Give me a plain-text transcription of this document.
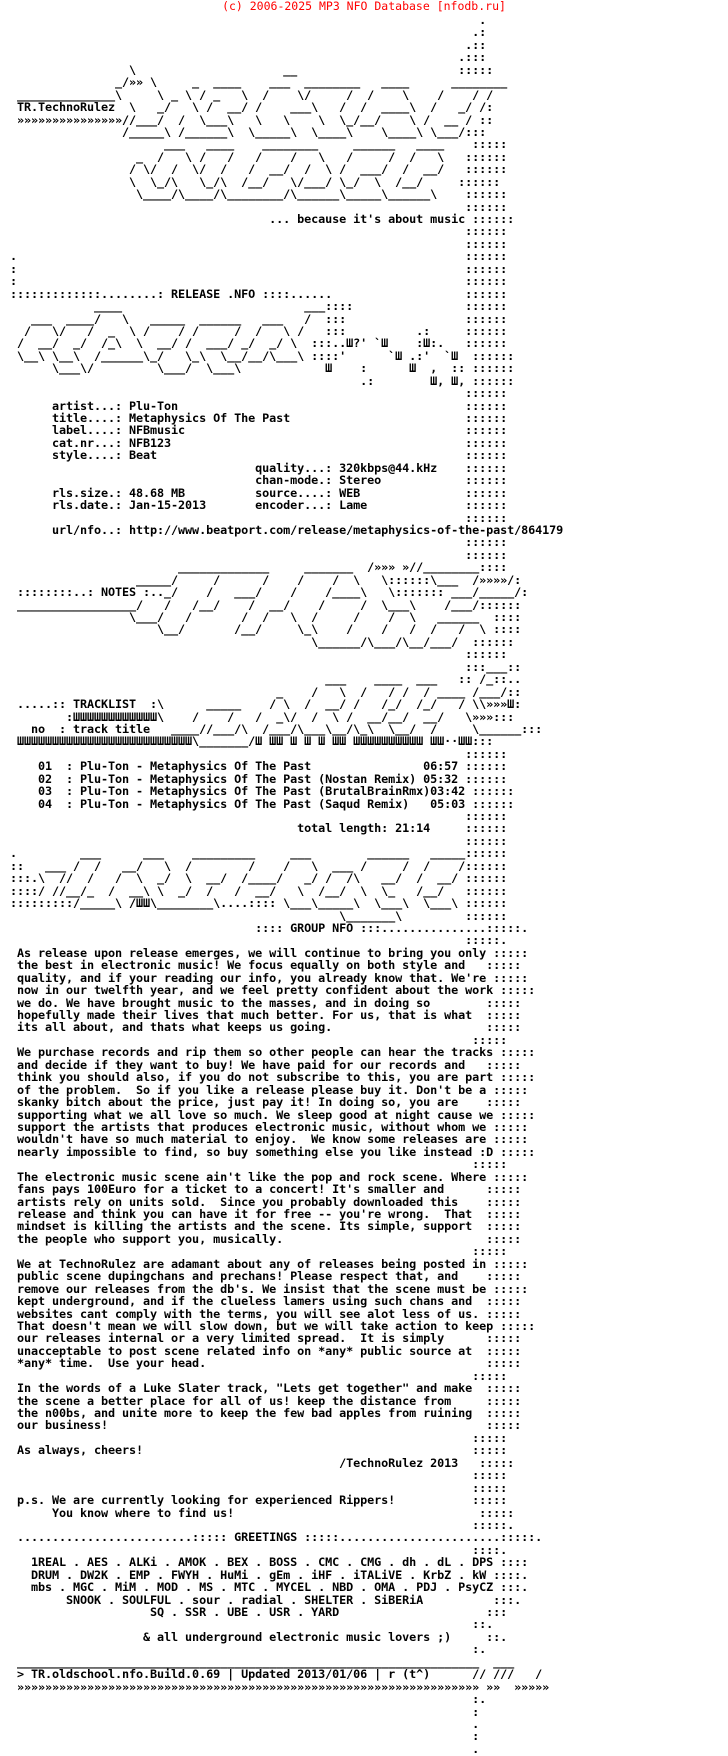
(c) 2006-2025 MP3 NFO Database [nfodb.ru]
.
.:
.::
.:::
\                     __                       :::::
_/»» \     _  ____    ___  ________   ____      ________
______________\     \ _ \ / _   \  /    \/     /  /    \    /    / /
TR.TechnoRulez  \   _/   \ /  __/ /    ___\   /  /  ____\  /   _/ /:
»»»»»»»»»»»»»»»//___/  /  \___\   \   \    \  \_/__/    \ /  __ / ::
/_____\ /______\  \_____\  \____\    \____\ \___/:::
___   ____    ________     ______   ____    :::::
_  /   \ /   /   /    /   \   /     /  /   \   ::::::
/ \/  /  \/  /   /  __/  /  \ /  ___/  /  __/   ::::::
\  \_/\   \_/\  /__/   \/___/ \_/  \  /__/     ::::::
\____/\____/\________/\______\_____\______\    ::::::
::::::
... because it's about music ::::::
::::::
::::::
.                                                                ::::::
:                                                                ::::::
:                                                                ::::::
:::::::::::::........: RELEASE .NFO ::::......                   ::::::
____                          ___::::                ::::::
___  ____/   \   _____  ______   ___   /  :::                 ::::::
/   \/   /  _  \ /    / /     /  /   \ /   :::          .:     ::::::
/  __/  _/  /_\  \  __/ /  ___/ _/  _/ \  :::..Ш?' `Ш    :Ш:.   ::::::
\__\ \__\  /______\_/   \_\  \__/__/\___\ ::::'      `Ш .:'  `Ш  ::::::
\___\/         \___/  \___\            Ш    :      Ш  ,  :: ::::::
.:        Ш, Ш, ::::::
::::::
artist...: Plu-Ton                                         ::::::
title....: Metaphysics Of The Past                         ::::::
label....: NFBmusic                                        ::::::
cat.nr...: NFB123                                          ::::::
style....: Beat                                            ::::::
quality...: 320kbps@44.kHz    ::::::
chan-mode.: Stereo            ::::::
rls.size.: 48.68 MB          source....: WEB               ::::::
rls.date.: Jan-15-2013       encoder...: Lame              ::::::
::::::
url/nfo..: http://www.beatport.com/release/metaphysics-of-the-past/864179
::::::
::::::
_____________     _______  /»»» »//________::::
_____/     /      /    /    /  \   \::::::\___  /»»»»/:
::::::::..: NOTES :.._/    /   ___/    /    /____\   \::::::: ___/_____/:
_________________/   /   /__/    /  __/    /     /  \___\    /___/::::::
\___/   /       /  /   \  /     /    /  \   ______  ::::
\__/       /__/     \_\    /    /   /  /   /  \ ::::
\______/\___/\__/___/  ::::::
::::::
:::___::
___    ____  ___   :: /_::..
_    /   \  /   / /  / ____ /___/::
.....:: TRACKLIST  :\      _____    / \  /  __/ /   /_/  /_/   / \\»»»Ш:
:ШШШШШШШШШШШШ\    /    /   /  _\/  /  \ /  __/__/  __/   \»»»:::
no  : track title   ____//___/\  /___/\___\__/\_\  \__/  /     \______:::
ШШШШШШШШШШШШШШШШШШШШШШШШШ\_______/Ш ШШ Ш Ш Ш ШШ ШШШШШШШШШШ ШШ··ШШ:::
::::::
01  : Plu-Ton - Metaphysics Of The Past                06:57 ::::::
02  : Plu-Ton - Metaphysics Of The Past (Nostan Remix) 05:32 ::::::
03  : Plu-Ton - Metaphysics Of The Past (BrutalBrainRmx)03:42 ::::::
04  : Plu-Ton - Metaphysics Of The Past (Saqud Remix)   05:03 ::::::
::::::
total length: 21:14     ::::::
::::::
.         ___      ___    _________     ___        ______   _____::::::
::   ___ /  /   __/   \  /        /    /   \  ___ /     /  /    /::::::
:::.\  //  /   /  \  _/  \  __/  /____/   _/ /  /\   __/  /  __/ ::::::
::::/ //__/_  /  __\ \  _/  /   /  __/   \  /__/  \  \_   /__/   ::::::
:::::::::/_____\ /ШШ\________\....:::: \___\_____\  \___\  \___\ ::::::
\_______\         ::::::
:::: GROUP NFO :::...............:::::.
:::::.
As release upon release emerges, we will continue to bring you only :::::
the best in electronic music! We focus equally on both style and   :::::
quality, and if your reading our info, you already know that. We're :::::
now in our twelfth year, and we feel pretty confident about the work :::::
we do. We have brought music to the masses, and in doing so        :::::
hopefully made their lives that much better. For us, that is what  :::::
its all about, and thats what keeps us going.                      :::::
:::::
We purchase records and rip them so other people can hear the tracks :::::
and decide if they want to buy! We have paid for our records and   :::::
think you should also, if you do not subscribe to this, you are part :::::
of the problem.  So if you like a release please buy it. Don't be a :::::
skanky bitch about the price, just pay it! In doing so, you are    :::::
supporting what we all love so much. We sleep good at night cause we :::::
support the artists that produces electronic music, without whom we :::::
wouldn't have so much material to enjoy.  We know some releases are :::::
nearly impossible to find, so buy something else you like instead :D :::::
:::::
The electronic music scene ain't like the pop and rock scene. Where :::::
fans pays 100Euro for a ticket to a concert! It's smaller and      :::::
artists rely on units sold.  Since you probably downloaded this    :::::
release and think you can have it for free -- you're wrong.  That  :::::
mindset is killing the artists and the scene. Its simple, support  :::::
the people who support you, musically.                             :::::
:::::
We at TechnoRulez are adamant about any of releases being posted in :::::
public scene dupingchans and prechans! Please respect that, and    :::::
remove our releases from the db's. We insist that the scene must be :::::
kept underground, and if the clueless lamers using such chans and  :::::
websites cant comply with the terms, you will see alot less of us. :::::
That doesn't mean we will slow down, but we will take action to keep :::::
our releases internal or a very limited spread.  It is simply      :::::
unacceptable to post scene related info on *any* public source at  :::::
*any* time.  Use your head.                                        :::::
:::::
In the words of a Luke Slater track, "Lets get together" and make  :::::
the scene a better place for all of us! keep the distance from     :::::
the n00bs, and unite more to keep the few bad apples from ruining  :::::
our business!                                                      :::::
:::::
As always, cheers!                                               :::::
/TechnoRulez 2013   :::::
:::::
:::::
p.s. We are currently looking for experienced Rippers!           :::::
You know where to find us!                                   :::::
:::::.
.........................::::: GREETINGS :::::.......................:::::.
::::.
1REAL . AES . ALKi . AMOK . BEX . BOSS . CMC . CMG . dh . dL . DPS ::::
DRUM . DW2K . EMP . FWYH . HuMi . gEm . iHF . iTALiVE . KrbZ . kW ::::.
mbs . MGC . MiM . MOD . MS . MTC . MYCEL . NBD . OMA . PDJ . PsyCZ :::.
SNOOK . SOULFUL . sour . radial . SHELTER . SiBERiA          :::.
SQ . SSR . UBE . USR . YARD                     :::
::.
& all underground electronic music lovers ;)     ::.
:.
__________________________________________________________________  ___
> TR.oldschool.nfo.Build.0.69 | Updated 2013/01/06 | r (t^)      // ///   /
»»»»»»»»»»»»»»»»»»»»»»»»»»»»»»»»»»»»»»»»»»»»»»»»»»»»»»»»»»»»»»»»»» »»  »»»»»
:.
:
.
:
.
